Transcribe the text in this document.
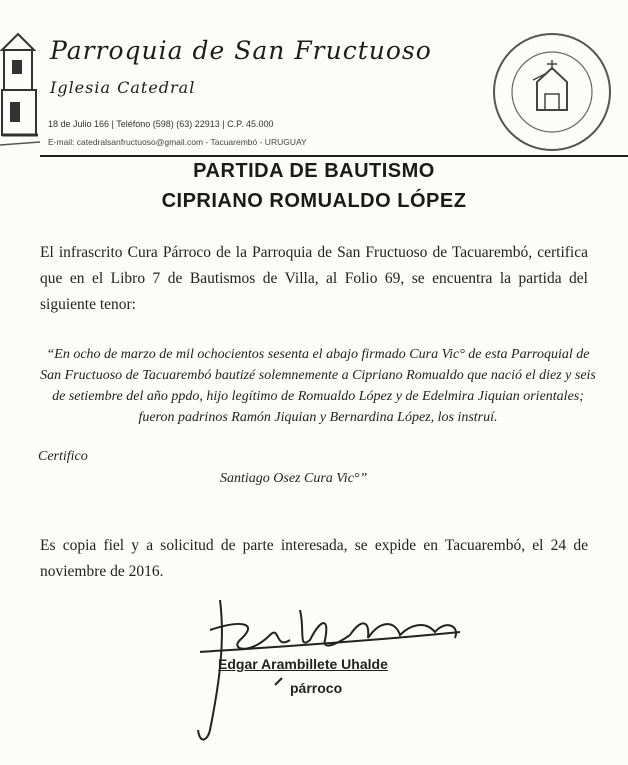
Parroquia de San Fructuoso
Iglesia Catedral
18 de Julio 166 | Teléfono (598) (63) 22913 | C.P. 45.000
E-mail: catedralsanfructuoso@gmail.com - Tacuarembó - URUGUAY
PARTIDA DE BAUTISMO
CIPRIANO ROMUALDO LÓPEZ
El infrascrito Cura Párroco de la Parroquia de San Fructuoso de Tacuarembó, certifica que en el Libro 7 de Bautismos de Villa, al Folio 69, se encuentra la partida del siguiente tenor:
“En ocho de marzo de mil ochocientos sesenta el abajo firmado Cura Vic° de esta Parroquial de San Fructuoso de Tacuarembó bautizé solemnemente a Cipriano Romualdo que nació el diez y seis de setiembre del año ppdo, hijo legítimo de Romualdo López y de Edelmira Jiquian orientales; fueron padrinos Ramón Jiquian y Bernardina López, los instruí.
Certifico
Santiago Osez Cura Vic°”
Es copia fiel y a solicitud de parte interesada, se expide en Tacuarembó, el 24 de noviembre de 2016.
Edgar Arambillete Uhalde
párroco
